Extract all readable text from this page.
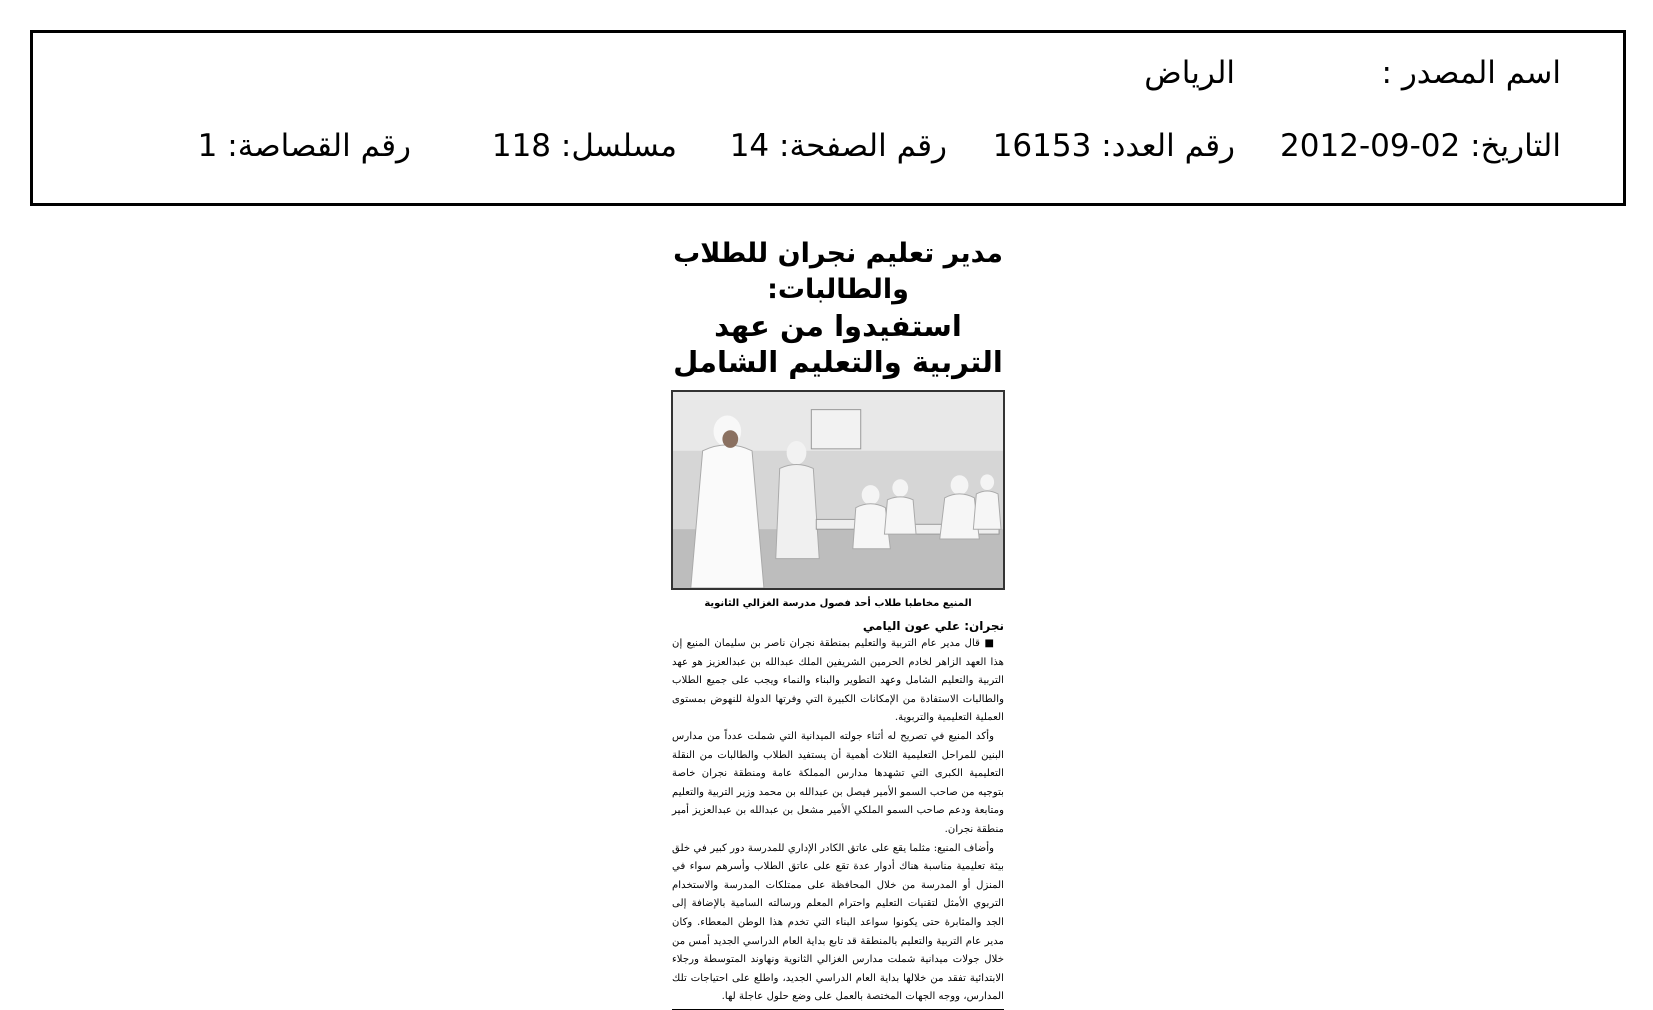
اسم المصدر :
الرياض
التاريخ: 2012-09-02
رقم العدد: 16153
رقم الصفحة: 14
مسلسل: 118
رقم القصاصة: 1
مدير تعليم نجران للطلاب والطالبات:
استفيدوا من عهد التربية والتعليم الشامل
المنيع مخاطبا طلاب أحد فصول مدرسة الغزالي الثانوية
نجران: علي عون اليامي

■ قال مدير عام التربية والتعليم بمنطقة نجران ناصر بن سليمان المنيع إن هذا العهد الزاهر لخادم الحرمين الشريفين الملك عبدالله بن عبدالعزيز هو عهد التربية والتعليم الشامل وعهد التطوير والبناء والنماء ويجب على جميع الطلاب والطالبات الاستفادة من الإمكانات الكبيرة التي وفرتها الدولة للنهوض بمستوى العملية التعليمية والتربوية.

وأكد المنيع في تصريح له أثناء جولته الميدانية التي شملت عدداً من مدارس البنين للمراحل التعليمية الثلاث أهمية أن يستفيد الطلاب والطالبات من النقلة التعليمية الكبرى التي تشهدها مدارس المملكة عامة ومنطقة نجران خاصة بتوجيه من صاحب السمو الأمير فيصل بن عبدالله بن محمد وزير التربية والتعليم ومتابعة ودعم صاحب السمو الملكي الأمير مشعل بن عبدالله بن عبدالعزيز أمير منطقة نجران.

وأضاف المنيع: مثلما يقع على عاتق الكادر الإداري للمدرسة دور كبير في خلق بيئة تعليمية مناسبة هناك أدوار عدة تقع على عاتق الطلاب وأسرهم سواء في المنزل أو المدرسة من خلال المحافظة على ممتلكات المدرسة والاستخدام التربوي الأمثل لتقنيات التعليم واحترام المعلم ورسالته السامية بالإضافة إلى الجد والمثابرة حتى يكونوا سواعد البناء التي تخدم هذا الوطن المعطاء. وكان مدير عام التربية والتعليم بالمنطقة قد تابع بداية العام الدراسي الجديد أمس من خلال جولات ميدانية شملت مدارس الغزالي الثانوية ونهاوند المتوسطة ورجلاء الابتدائية تفقد من خلالها بداية العام الدراسي الجديد، واطلع على احتياجات تلك المدارس، ووجه الجهات المختصة بالعمل على وضع حلول عاجلة لها.
